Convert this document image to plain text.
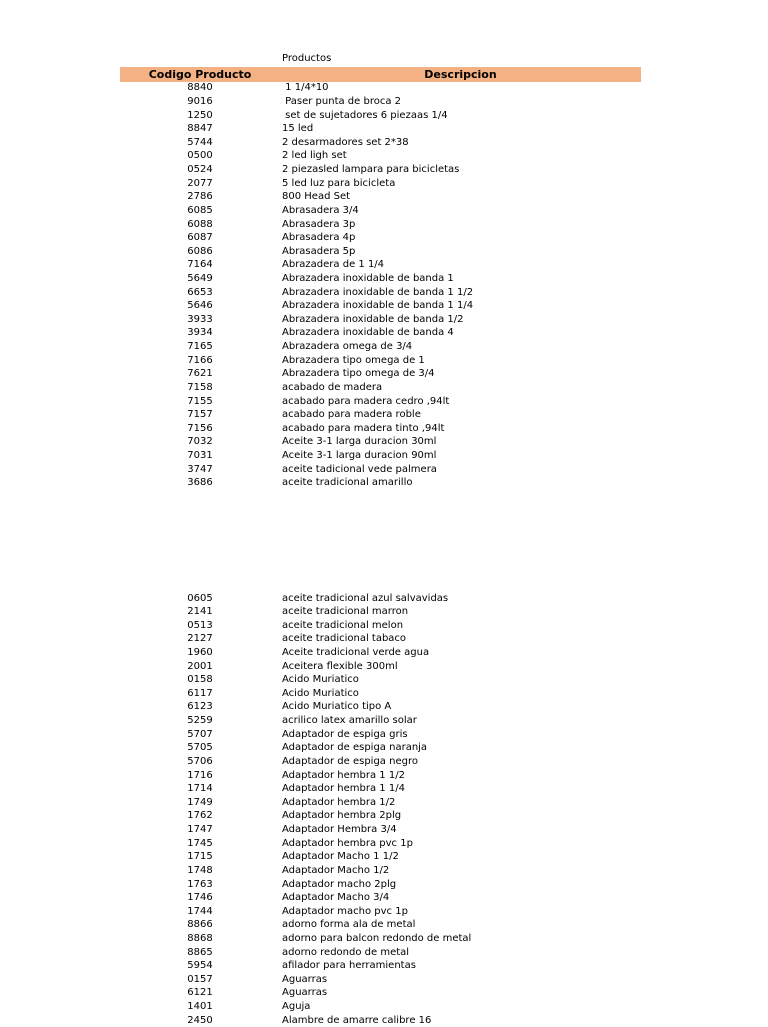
Productos
Codigo Producto	Descripcion
8840	1 1/4*10
9016	Paser punta de broca 2
1250	set de sujetadores 6 piezaas 1/4
8847	15 led
5744	2 desarmadores set 2*38
0500	2 led ligh set
0524	2 piezasled lampara para bicicletas
2077	5 led luz para bicicleta
2786	800 Head Set
6085	Abrasadera 3/4
6088	Abrasadera 3p
6087	Abrasadera 4p
6086	Abrasadera 5p
7164	Abrazadera de 1 1/4
5649	Abrazadera inoxidable de banda 1
6653	Abrazadera inoxidable de banda 1 1/2
5646	Abrazadera inoxidable de banda 1 1/4
3933	Abrazadera inoxidable de banda 1/2
3934	Abrazadera inoxidable de banda 4
7165	Abrazadera omega de 3/4
7166	Abrazadera tipo omega de 1
7621	Abrazadera tipo omega de 3/4
7158	acabado de madera
7155	acabado para madera cedro ,94lt
7157	acabado para madera roble
7156	acabado para madera tinto ,94lt
7032	Aceite 3-1 larga duracion 30ml
7031	Aceite 3-1 larga duracion 90ml
3747	aceite tadicional vede palmera
3686	aceite tradicional amarillo
0605	aceite tradicional azul salvavidas
2141	aceite tradicional marron
0513	aceite tradicional melon
2127	aceite tradicional tabaco
1960	Aceite tradicional verde agua
2001	Aceitera flexible 300ml
0158	Acido Muriatico
6117	Acido Muriatico
6123	Acido Muriatico tipo A
5259	acrilico latex amarillo solar
5707	Adaptador de espiga gris
5705	Adaptador de espiga naranja
5706	Adaptador de espiga negro
1716	Adaptador hembra 1 1/2
1714	Adaptador hembra 1 1/4
1749	Adaptador hembra 1/2
1762	Adaptador hembra 2plg
1747	Adaptador Hembra 3/4
1745	Adaptador hembra pvc 1p
1715	Adaptador Macho 1 1/2
1748	Adaptador Macho 1/2
1763	Adaptador macho 2plg
1746	Adaptador Macho 3/4
1744	Adaptador macho pvc 1p
8866	adorno forma ala de metal
8868	adorno para balcon redondo de metal
8865	adorno redondo de metal
5954	afilador para herramientas
0157	Aguarras
6121	Aguarras
1401	Aguja
2450	Alambre de amarre calibre 16
